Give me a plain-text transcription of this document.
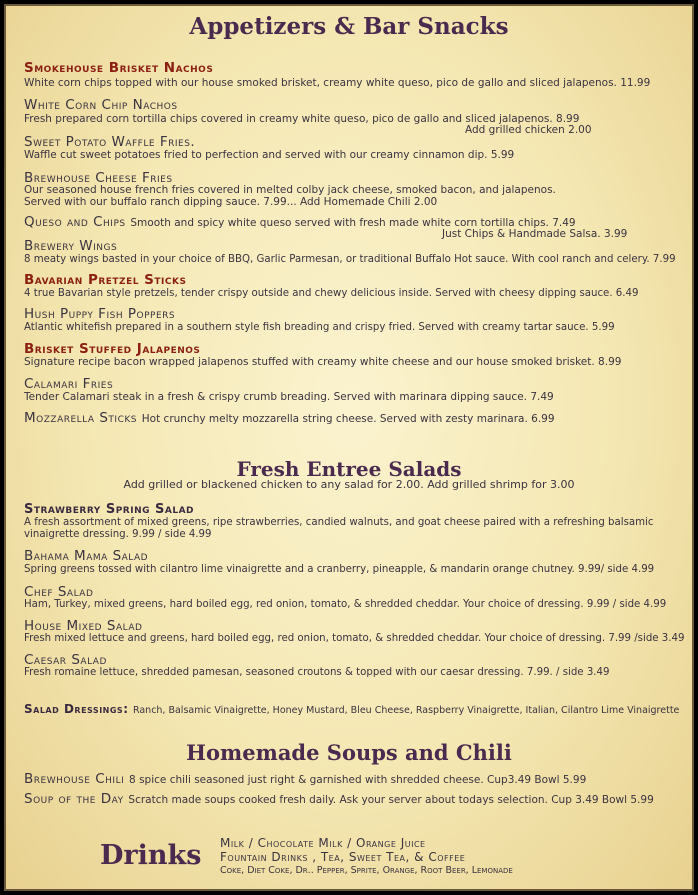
Appetizers & Bar Snacks
Smokehouse Brisket Nachos
White corn chips topped with our house smoked brisket, creamy white queso, pico de gallo and sliced jalapenos. 11.99
White Corn Chip Nachos
Fresh prepared corn tortilla chips covered in creamy white queso, pico de gallo and sliced jalapenos. 8.99
Add grilled chicken 2.00
Sweet Potato Waffle Fries.
Waffle cut sweet potatoes fried to perfection and served with our creamy cinnamon dip. 5.99
Brewhouse Cheese Fries
Our seasoned house french fries covered in melted colby jack cheese, smoked bacon, and jalapenos.
Served with our buffalo ranch dipping sauce. 7.99... Add Homemade Chili 2.00
Queso and Chips Smooth and spicy white queso served with fresh made white corn tortilla chips. 7.49
Just Chips & Handmade Salsa. 3.99
Brewery Wings
8 meaty wings basted in your choice of BBQ, Garlic Parmesan, or traditional Buffalo Hot sauce. With cool ranch and celery. 7.99
Bavarian Pretzel Sticks
4 true Bavarian style pretzels, tender crispy outside and chewy delicious inside. Served with cheesy dipping sauce. 6.49
Hush Puppy Fish Poppers
Atlantic whitefish prepared in a southern style fish breading and crispy fried. Served with creamy tartar sauce. 5.99
Brisket Stuffed Jalapenos
Signature recipe bacon wrapped jalapenos stuffed with creamy white cheese and our house smoked brisket. 8.99
Calamari Fries
Tender Calamari steak in a fresh & crispy crumb breading. Served with marinara dipping sauce. 7.49
Mozzarella Sticks Hot crunchy melty mozzarella string cheese. Served with zesty marinara. 6.99
Fresh Entree Salads
Add grilled or blackened chicken to any salad for 2.00. Add grilled shrimp for 3.00
Strawberry Spring Salad
A fresh assortment of mixed greens, ripe strawberries, candied walnuts, and goat cheese paired with a refreshing balsamic
vinaigrette dressing. 9.99 / side 4.99
Bahama Mama Salad
Spring greens tossed with cilantro lime vinaigrette and a cranberry, pineapple, & mandarin orange chutney. 9.99/ side 4.99
Chef Salad
Ham, Turkey, mixed greens, hard boiled egg, red onion, tomato, & shredded cheddar. Your choice of dressing. 9.99 / side 4.99
House Mixed Salad
Fresh mixed lettuce and greens, hard boiled egg, red onion, tomato, & shredded cheddar. Your choice of dressing. 7.99 /side 3.49
Caesar Salad
Fresh romaine lettuce, shredded pamesan, seasoned croutons & topped with our caesar dressing. 7.99. / side 3.49
Salad Dressings: Ranch, Balsamic Vinaigrette, Honey Mustard, Bleu Cheese, Raspberry Vinaigrette, Italian, Cilantro Lime Vinaigrette
Homemade Soups and Chili
Brewhouse Chili 8 spice chili seasoned just right & garnished with shredded cheese. Cup3.49 Bowl 5.99
Soup of the Day Scratch made soups cooked fresh daily. Ask your server about todays selection. Cup 3.49 Bowl 5.99
Drinks Milk / Chocolate Milk / Orange Juice
Fountain Drinks , Tea, Sweet Tea, & Coffee
Coke, Diet Coke, Dr.. Pepper, Sprite, Orange, Root Beer, Lemonade
